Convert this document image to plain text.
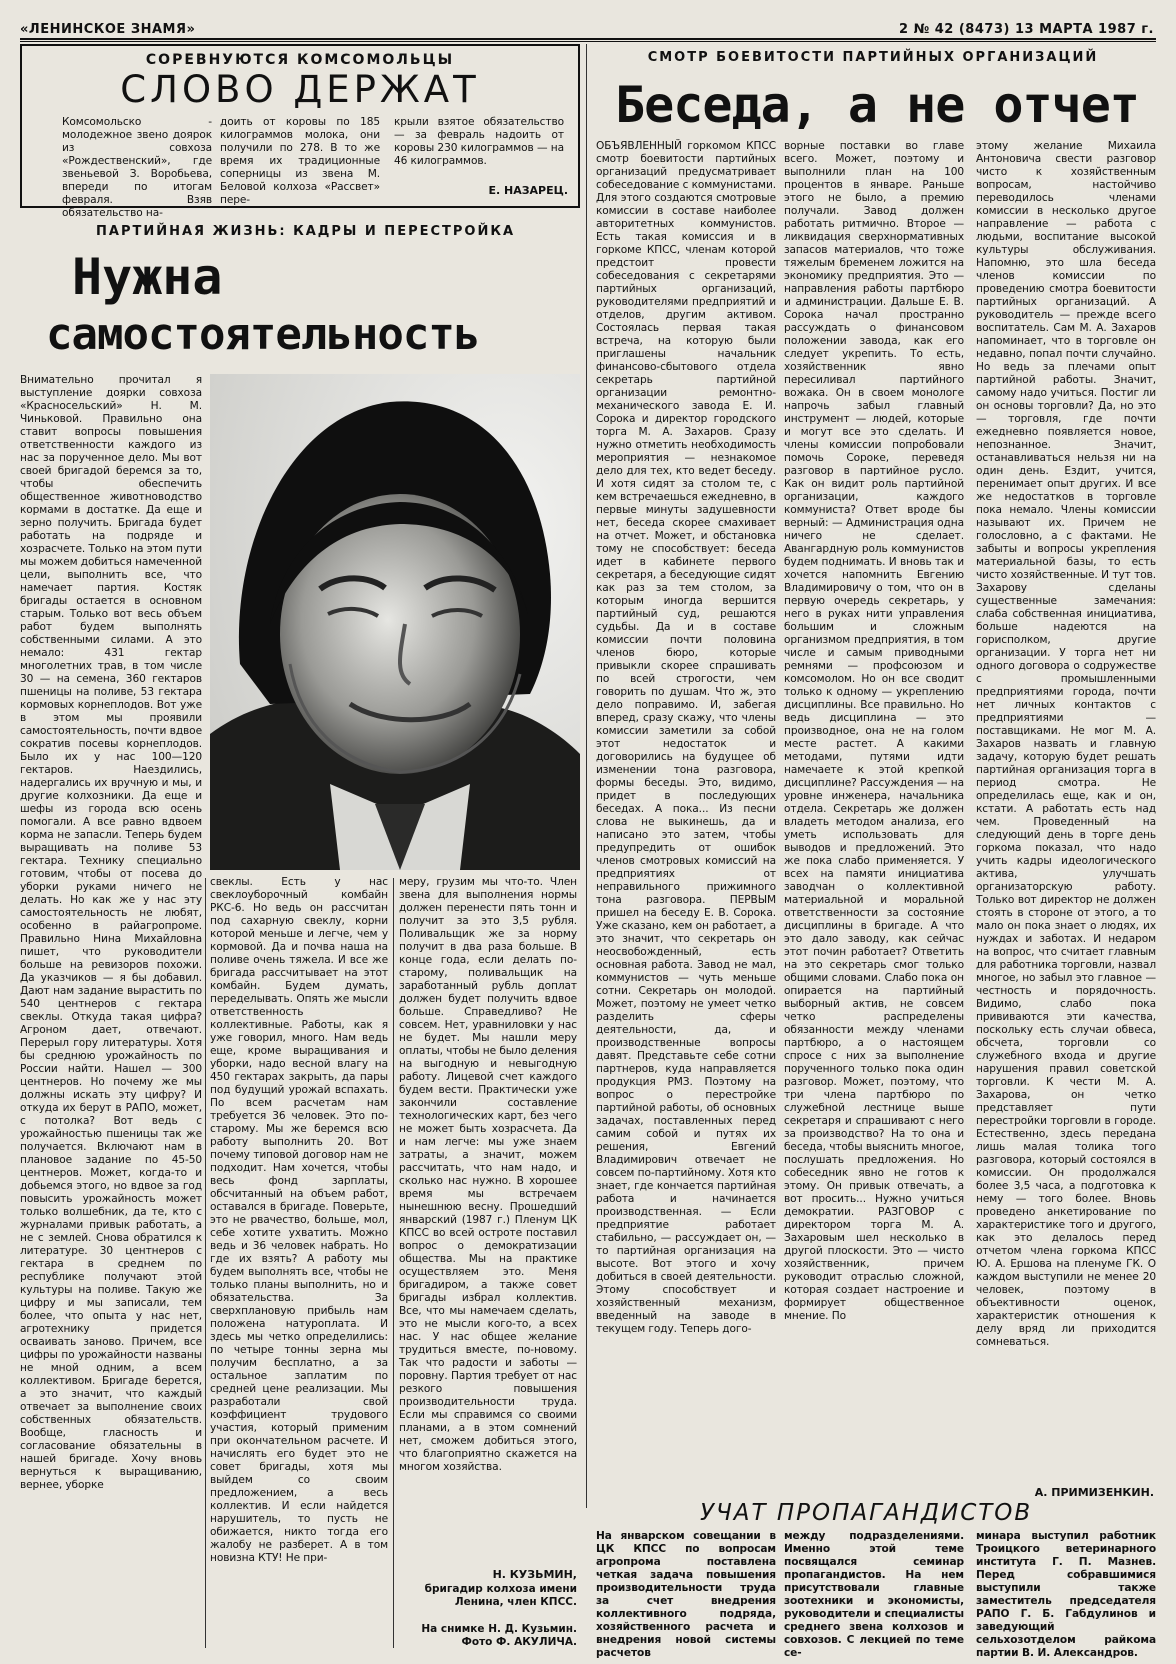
«ЛЕНИНСКОЕ ЗНАМЯ»	2 № 42 (8473) 13 МАРТА 1987 г.
СОРЕВНУЮТСЯ КОМСОМОЛЬЦЫ
СЛОВО ДЕРЖАТ
Комсомольско - молодежное звено доярок из совхоза «Рождественский», где звеньевой З. Воробьева, впереди по итогам февраля. Взяв обязательство на-
доить от коровы по 185 килограммов молока, они получили по 278. В то же время их традиционные соперницы из звена М. Беловой колхоза «Рассвет» пере-
крыли взятое обязательство — за февраль надоить от коровы 230 килограммов — на 46 килограммов.
Е. НАЗАРЕЦ.
ПАРТИЙНАЯ ЖИЗНЬ: КАДРЫ И ПЕРЕСТРОЙКА
Нужна
самостоятельность
Внимательно прочитал я выступление доярки совхоза «Красносельский» Н. М. Чиньковой. Правильно она ставит вопросы повышения ответственности каждого из нас за порученное дело. Мы вот своей бригадой беремся за то, чтобы обеспечить общественное животноводство кормами в достатке. Да еще и зерно получить. Бригада будет работать на подряде и хозрасчете. Только на этом пути мы можем добиться намеченной цели, выполнить все, что намечает партия. Костяк бригады остается в основном старым. Только вот весь объем работ будем выполнять собственными силами. А это немало: 431 гектар многолетних трав, в том числе 30 — на семена, 360 гектаров пшеницы на поливе, 53 гектара кормовых корнеплодов. Вот уже в этом мы проявили самостоятельность, почти вдвое сократив посевы корнеплодов. Было их у нас 100—120 гектаров. Наездились, надергались их вручную и мы, и другие колхозники. Да еще и шефы из города всю осень помогали. А все равно вдвоем корма не запасли. Теперь будем выращивать на поливе 53 гектара. Технику специально готовим, чтобы от посева до уборки руками ничего не делать. Но как же у нас эту самостоятельность не любят, особенно в райагропроме. Правильно Нина Михайловна пишет, что руководители больше на ревизоров похожи. Да указчиков — я бы добавил. Дают нам задание вырастить по 540 центнеров с гектара свеклы. Откуда такая цифра? Агроном дает, отвечают. Перерыл гору литературы. Хотя бы среднюю урожайность по России найти. Нашел — 300 центнеров. Но почему же мы должны искать эту цифру? И откуда их берут в РАПО, может, с потолка? Вот ведь с урожайностью пшеницы так же получается. Включают нам в плановое задание по 45-50 центнеров. Может, когда-то и добьемся этого, но вдвое за год повысить урожайность может только волшебник, да те, кто с журналами привык работать, а не с землей. Снова обратился к литературе. 30 центнеров с гектара в среднем по республике получают этой культуры на поливе. Такую же цифру и мы записали, тем более, что опыта у нас нет, агротехнику придется осваивать заново. Причем, все цифры по урожайности названы не мной одним, а всем коллективом. Бригаде берется, а это значит, что каждый отвечает за выполнение своих собственных обязательств. Вообще, гласность и согласование обязательны в нашей бригаде. Хочу вновь вернуться к выращиванию, вернее, уборке
свеклы. Есть у нас свеклоуборочный комбайн РКС-6. Но ведь он рассчитан под сахарную свеклу, корни которой меньше и легче, чем у кормовой. Да и почва наша на поливе очень тяжела. И все же бригада рассчитывает на этот комбайн. Будем думать, переделывать. Опять же мысли ответственность коллективные. Работы, как я уже говорил, много. Нам ведь еще, кроме выращивания и уборки, надо весной влагу на 450 гектарах закрыть, да пары под будущий урожай вспахать. По всем расчетам нам требуется 36 человек. Это по-старому. Мы же беремся всю работу выполнить 20. Вот почему типовой договор нам не подходит. Нам хочется, чтобы весь фонд зарплаты, обсчитанный на объем работ, оставался в бригаде. Поверьте, это не рвачество, больше, мол, себе хотите ухватить. Можно ведь и 36 человек набрать. Но где их взять? А работу мы будем выполнять все, чтобы не только планы выполнить, но и обязательства. За сверхплановую прибыль нам положена натуроплата. И здесь мы четко определились: по четыре тонны зерна мы получим бесплатно, а за остальное заплатим по средней цене реализации. Мы разработали свой коэффициент трудового участия, который применим при окончательном расчете. И начислять его будет это не совет бригады, хотя мы выйдем со своим предложением, а весь коллектив. И если найдется нарушитель, то пусть не обижается, никто тогда его жалобу не разберет. А в том новизна КТУ! Не при-
меру, грузим мы что-то. Член звена для выполнения нормы должен перенести пять тонн и получит за это 3,5 рубля. Поливальщик же за норму получит в два раза больше. В конце года, если делать по-старому, поливальщик на заработанный рубль доплат должен будет получить вдвое больше. Справедливо? Не совсем. Нет, уравниловки у нас не будет. Мы нашли меру оплаты, чтобы не было деления на выгодную и невыгодную работу. Лицевой счет каждого будем вести. Практически уже закончили составление технологических карт, без чего не может быть хозрасчета. Да и нам легче: мы уже знаем затраты, а значит, можем рассчитать, что нам надо, и сколько нас нужно. В хорошее время мы встречаем нынешнюю весну. Прошедший январский (1987 г.) Пленум ЦК КПСС во всей остроте поставил вопрос о демократизации общества. Мы на практике осуществляем это. Меня бригадиром, а также совет бригады избрал коллектив. Все, что мы намечаем сделать, это не мысли кого-то, а всех нас. У нас общее желание трудиться вместе, по-новому. Так что радости и заботы — поровну. Партия требует от нас резкого повышения производительности труда. Если мы справимся со своими планами, а в этом сомнений нет, сможем добиться этого, что благоприятно скажется на многом хозяйства.
Н. КУЗЬМИН,
бригадир колхоза имени Ленина, член КПСС.
На снимке Н. Д. Кузьмин. Фото Ф. АКУЛИЧА.
СМОТР БОЕВИТОСТИ ПАРТИЙНЫХ ОРГАНИЗАЦИЙ
Беседа, а не отчет
ОБЪЯВЛЕННЫЙ горкомом КПСС смотр боевитости партийных организаций предусматривает собеседование с коммунистами. Для этого создаются смотровые комиссии в составе наиболее авторитетных коммунистов. Есть такая комиссия и в горкоме КПСС, членам которой предстоит провести собеседования с секретарями партийных организаций, руководителями предприятий и отделов, другим активом. Состоялась первая такая встреча, на которую были приглашены начальник финансово-сбытового отдела секретарь партийной организации ремонтно-механического завода Е. И. Сорока и директор городского торга М. А. Захаров. Сразу нужно отметить необходимость мероприятия — незнакомое дело для тех, кто ведет беседу. И хотя сидят за столом те, с кем встречаешься ежедневно, в первые минуты задушевности нет, беседа скорее смахивает на отчет. Может, и обстановка тому не способствует: беседа идет в кабинете первого секретаря, а беседующие сидят как раз за тем столом, за которым иногда вершится партийный суд, решаются судьбы. Да и в составе комиссии почти половина членов бюро, которые привыкли скорее спрашивать по всей строгости, чем говорить по душам. Что ж, это дело поправимо. И, забегая вперед, сразу скажу, что члены комиссии заметили за собой этот недостаток и договорились на будущее об изменении тона разговора, формы беседы. Это, видимо, придет в последующих беседах. А пока... Из песни слова не выкинешь, да и написано это затем, чтобы предупредить от ошибок членов смотровых комиссий на предприятиях от неправильного прижимного тона разговора. ПЕРВЫМ пришел на беседу Е. В. Сорока. Уже сказано, кем он работает, а это значит, что секретарь он неосвобожденный, есть основная работа. Завод не мал, коммунистов — чуть меньше сотни. Секретарь он молодой. Может, поэтому не умеет четко разделить сферы деятельности, да, и производственные вопросы давят. Представьте себе сотни партнеров, куда направляется продукция РМЗ. Поэтому на вопрос о перестройке партийной работы, об основных задачах, поставленных перед самим собой и путях их решения, Евгений Владимирович отвечает не совсем по-партийному. Хотя кто знает, где кончается партийная работа и начинается производственная. — Если предприятие работает стабильно, — рассуждает он, — то партийная организация на высоте. Вот этого и хочу добиться в своей деятельности. Этому способствует и хозяйственный механизм, введенный на заводе в текущем году. Теперь дого-
ворные поставки во главе всего. Может, поэтому и выполнили план на 100 процентов в январе. Раньше этого не было, а премию получали. Завод должен работать ритмично. Второе — ликвидация сверхнормативных запасов материалов, что тоже тяжелым бременем ложится на экономику предприятия. Это — направления работы партбюро и администрации. Дальше Е. В. Сорока начал пространно рассуждать о финансовом положении завода, как его следует укрепить. То есть, хозяйственник явно пересиливал партийного вожака. Он в своем монологе напрочь забыл главный инструмент — людей, которые и могут все это сделать. И члены комиссии попробовали помочь Сороке, переведя разговор в партийное русло. Как он видит роль партийной организации, каждого коммуниста? Ответ вроде бы верный: — Администрация одна ничего не сделает. Авангардную роль коммунистов будем поднимать. И вновь так и хочется напомнить Евгению Владимировичу о том, что он в первую очередь секретарь, у него в руках нити управления большим и сложным организмом предприятия, в том числе и самым приводными ремнями — профсоюзом и комсомолом. Но он все сводит только к одному — укреплению дисциплины. Все правильно. Но ведь дисциплина — это производное, она не на голом месте растет. А какими методами, путями идти намечаете к этой крепкой дисциплине? Рассуждения — на уровне инженера, начальника отдела. Секретарь же должен владеть методом анализа, его уметь использовать для выводов и предложений. Это же пока слабо применяется. У всех на памяти инициатива заводчан о коллективной материальной и моральной ответственности за состояние дисциплины в бригаде. А что это дало заводу, как сейчас этот почин работает? Ответить на это секретарь смог только общими словами. Слабо пока он опирается на партийный выборный актив, не совсем четко распределены обязанности между членами партбюро, а о настоящем спросе с них за выполнение порученного только пока один разговор. Может, поэтому, что три члена партбюро по служебной лестнице выше секретаря и спрашивают с него за производство? На то она и беседа, чтобы выяснить многое, послушать предложения. Но собеседник явно не готов к этому. Он привык отвечать, а вот просить... Нужно учиться демократии. РАЗГОВОР с директором торга М. А. Захаровым шел несколько в другой плоскости. Это — чисто хозяйственник, причем руководит отраслью сложной, которая создает настроение и формирует общественное мнение. По
этому желание Михаила Антоновича свести разговор чисто к хозяйственным вопросам, настойчиво переводилось членами комиссии в несколько другое направление — работа с людьми, воспитание высокой культуры обслуживания. Напомню, это шла беседа членов комиссии по проведению смотра боевитости партийных организаций. А руководитель — прежде всего воспитатель. Сам М. А. Захаров напоминает, что в торговле он недавно, попал почти случайно. Но ведь за плечами опыт партийной работы. Значит, самому надо учиться. Постиг ли он основы торговли? Да, но это — торговля, где почти ежедневно появляется новое, непознанное. Значит, останавливаться нельзя ни на один день. Ездит, учится, перенимает опыт других. И все же недостатков в торговле пока немало. Члены комиссии называют их. Причем не голословно, а с фактами. Не забыты и вопросы укрепления материальной базы, то есть чисто хозяйственные. И тут тов. Захарову сделаны существенные замечания: слаба собственная инициатива, больше надеются на горисполком, другие организации. У торга нет ни одного договора о содружестве с промышленными предприятиями города, почти нет личных контактов с предприятиями — поставщиками. Не мог М. А. Захаров назвать и главную задачу, которую будет решать партийная организация торга в период смотра. Не определилась еще, как и он, кстати. А работать есть над чем. Проведенный на следующий день в торге день горкома показал, что надо учить кадры идеологического актива, улучшать организаторскую работу. Только вот директор не должен стоять в стороне от этого, а то мало он пока знает о людях, их нуждах и заботах. И недаром на вопрос, что считает главным для работника торговли, назвал многое, но забыл это главное — честность и порядочность. Видимо, слабо пока прививаются эти качества, поскольку есть случаи обвеса, обсчета, торговли со служебного входа и другие нарушения правил советской торговли. К чести М. А. Захарова, он четко представляет пути перестройки торговли в городе. Естественно, здесь передана лишь малая толика того разговора, который состоялся в комиссии. Он продолжался более 3,5 часа, а подготовка к нему — того более. Вновь проведено анкетирование по характеристике того и другого, как это делалось перед отчетом члена горкома КПСС Ю. А. Ершова на пленуме ГК. О каждом выступили не менее 20 человек, поэтому в объективности оценок, характеристик отношения к делу вряд ли приходится сомневаться.
А. ПРИМИЗЕНКИН.
УЧАТ ПРОПАГАНДИСТОВ
На январском совещании в ЦК КПСС по вопросам агропрома поставлена четкая задача повышения производительности труда за счет внедрения коллективного подряда, хозяйственного расчета и внедрения новой системы расчетов
между подразделениями. Именно этой теме посвящался семинар пропагандистов. На нем присутствовали главные зоотехники и экономисты, руководители и специалисты среднего звена колхозов и совхозов. С лекцией по теме се-
минара выступил работник Троицкого ветеринарного института Г. П. Мазнев. Перед собравшимися выступили также заместитель председателя РАПО Г. Б. Габдулинов и заведующий сельхозотделом райкома партии В. И. Александров.
